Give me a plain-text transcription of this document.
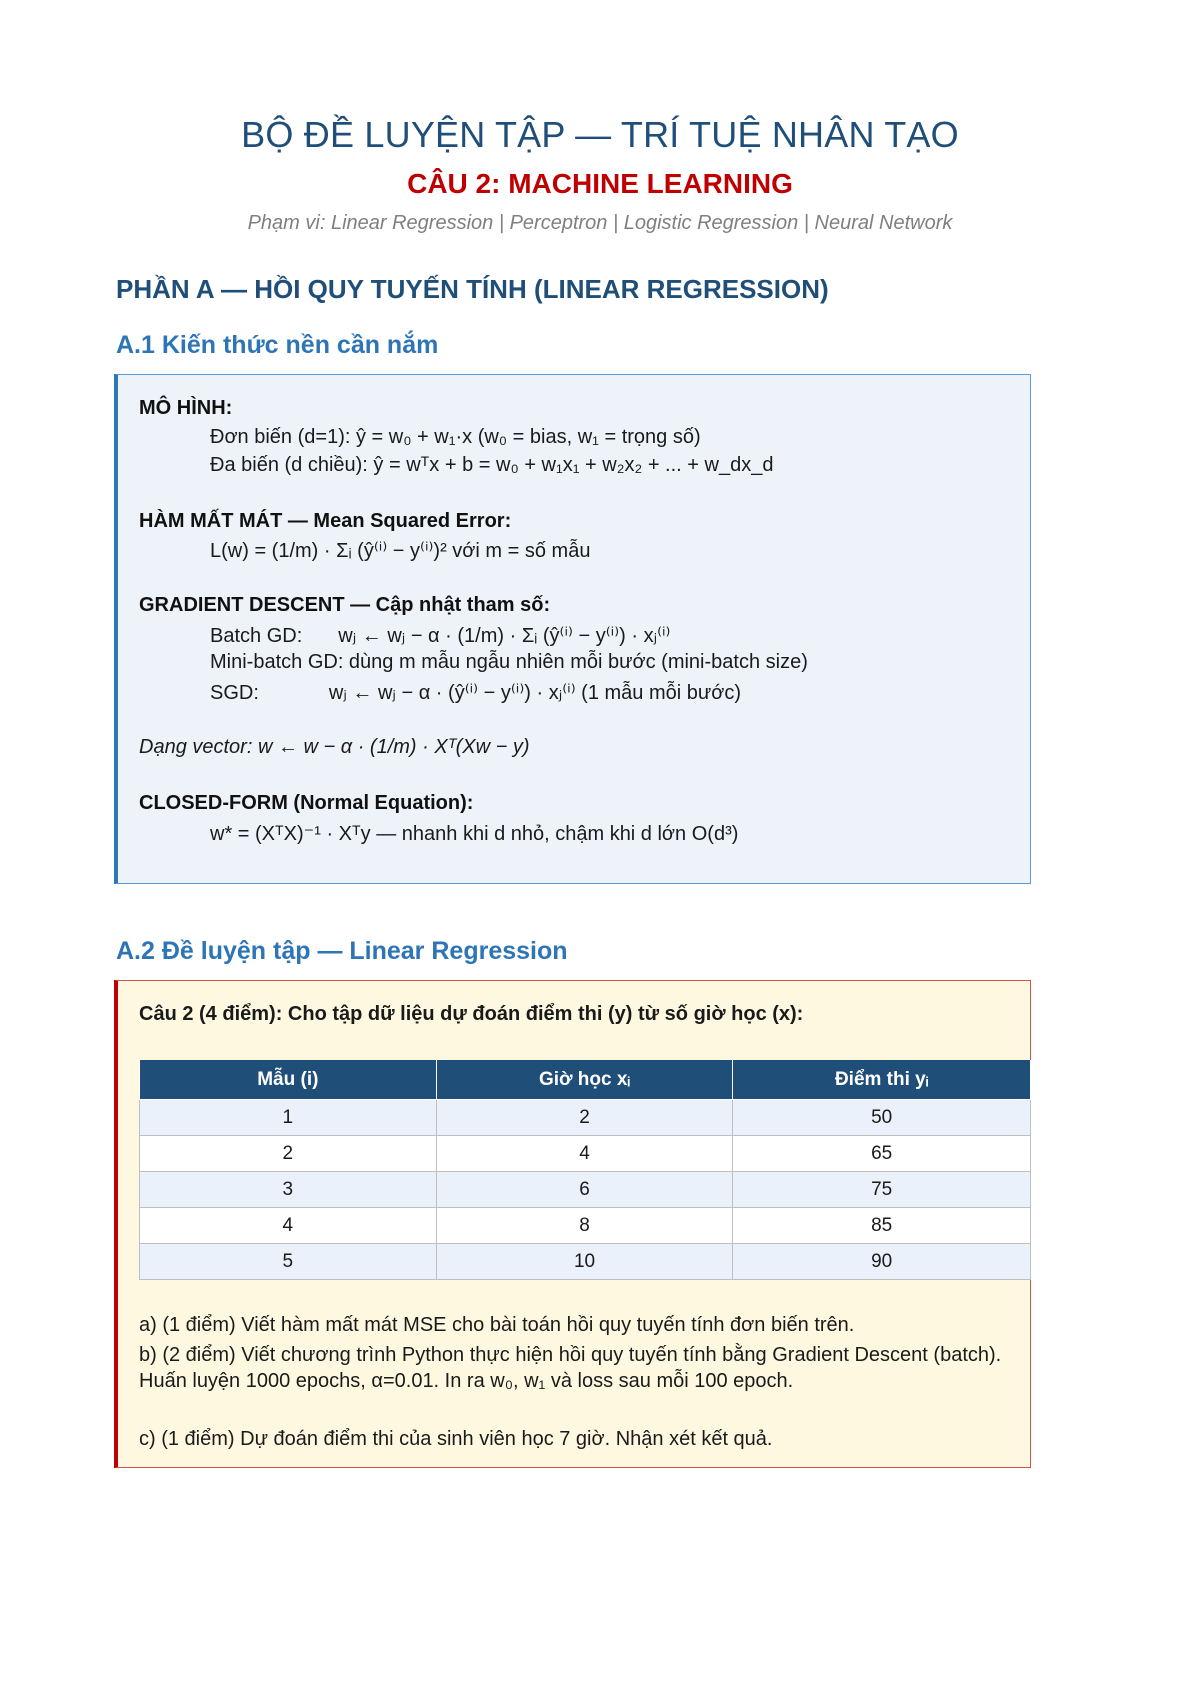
BỘ ĐỀ LUYỆN TẬP — TRÍ TUỆ NHÂN TẠO
CÂU 2: MACHINE LEARNING
Phạm vi: Linear Regression | Perceptron | Logistic Regression | Neural Network
PHẦN A — HỒI QUY TUYẾN TÍNH (LINEAR REGRESSION)
A.1 Kiến thức nền cần nắm
MÔ HÌNH:
Đơn biến (d=1): ŷ = w₀ + w₁·x (w₀ = bias, w₁ = trọng số)
Đa biến (d chiều): ŷ = wᵀx + b = w₀ + w₁x₁ + w₂x₂ + ... + w_dx_d
HÀM MẤT MÁT — Mean Squared Error:
L(w) = (1/m) · Σᵢ (ŷ⁽ⁱ⁾ − y⁽ⁱ⁾)² với m = số mẫu
GRADIENT DESCENT — Cập nhật tham số:
Batch GD: wⱼ ← wⱼ − α · (1/m) · Σᵢ (ŷ⁽ⁱ⁾ − y⁽ⁱ⁾) · xⱼ⁽ⁱ⁾
Mini-batch GD: dùng m mẫu ngẫu nhiên mỗi bước (mini-batch size)
SGD:	wⱼ ← wⱼ − α · (ŷ⁽ⁱ⁾ − y⁽ⁱ⁾) · xⱼ⁽ⁱ⁾ (1 mẫu mỗi bước)
Dạng vector: w ← w − α · (1/m) · Xᵀ(Xw − y)
CLOSED-FORM (Normal Equation):
w* = (XᵀX)⁻¹ · Xᵀy — nhanh khi d nhỏ, chậm khi d lớn O(d³)
A.2 Đề luyện tập — Linear Regression
Câu 2 (4 điểm): Cho tập dữ liệu dự đoán điểm thi (y) từ số giờ học (x):
Mẫu (i)	Giờ học xᵢ	Điểm thi yᵢ
1	2	50
2	4	65
3	6	75
4	8	85
5	10	90
a) (1 điểm) Viết hàm mất mát MSE cho bài toán hồi quy tuyến tính đơn biến trên.
b) (2 điểm) Viết chương trình Python thực hiện hồi quy tuyến tính bằng Gradient Descent (batch). Huấn luyện 1000 epochs, α=0.01. In ra w₀, w₁ và loss sau mỗi 100 epoch.
c) (1 điểm) Dự đoán điểm thi của sinh viên học 7 giờ. Nhận xét kết quả.
